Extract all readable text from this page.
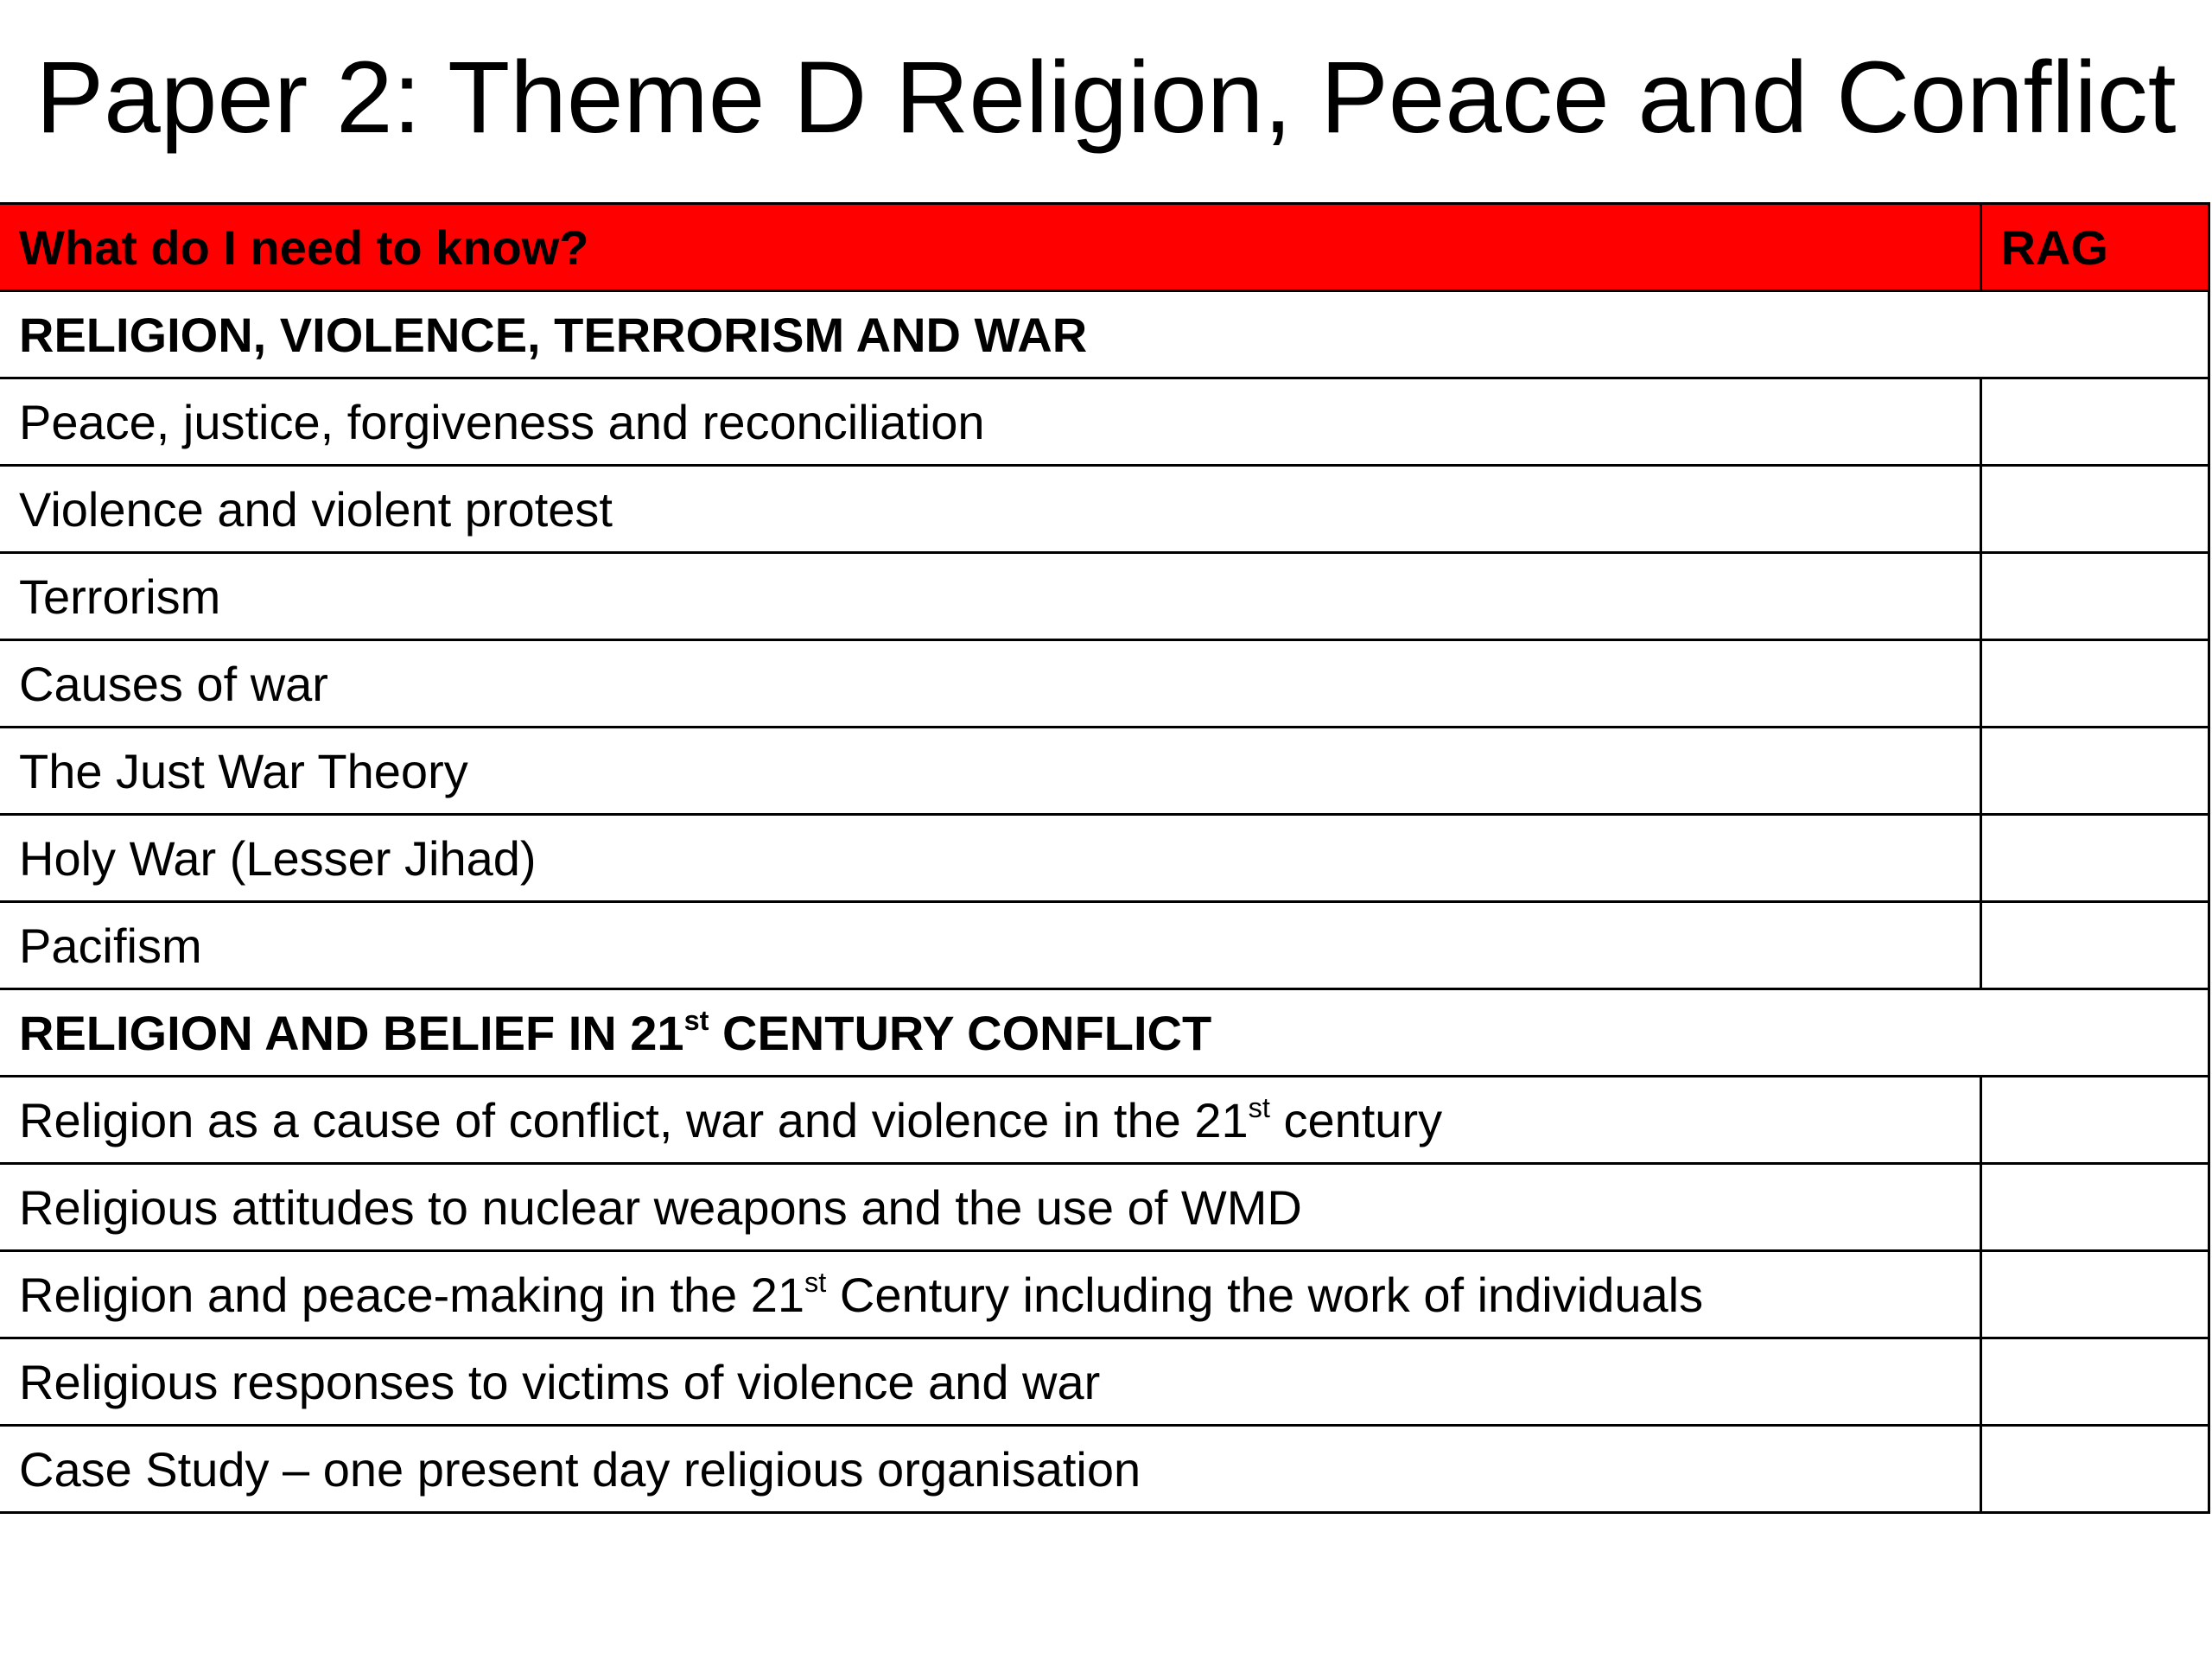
Paper 2: Theme D Religion, Peace and Conflict
What do I need to know?	RAG
RELIGION, VIOLENCE, TERRORISM AND WAR	
Peace, justice, forgiveness and reconciliation	
Violence and violent protest	
Terrorism	
Causes of war	
The Just War Theory	
Holy War (Lesser Jihad)	
Pacifism	
RELIGION AND BELIEF IN 21st CENTURY CONFLICT	
Religion as a cause of conflict, war and violence in the 21st century	
Religious attitudes to nuclear weapons and the use of WMD	
Religion and peace-making in the 21st Century including the work of individuals	
Religious responses to victims of violence and war	
Case Study – one present day religious organisation	
